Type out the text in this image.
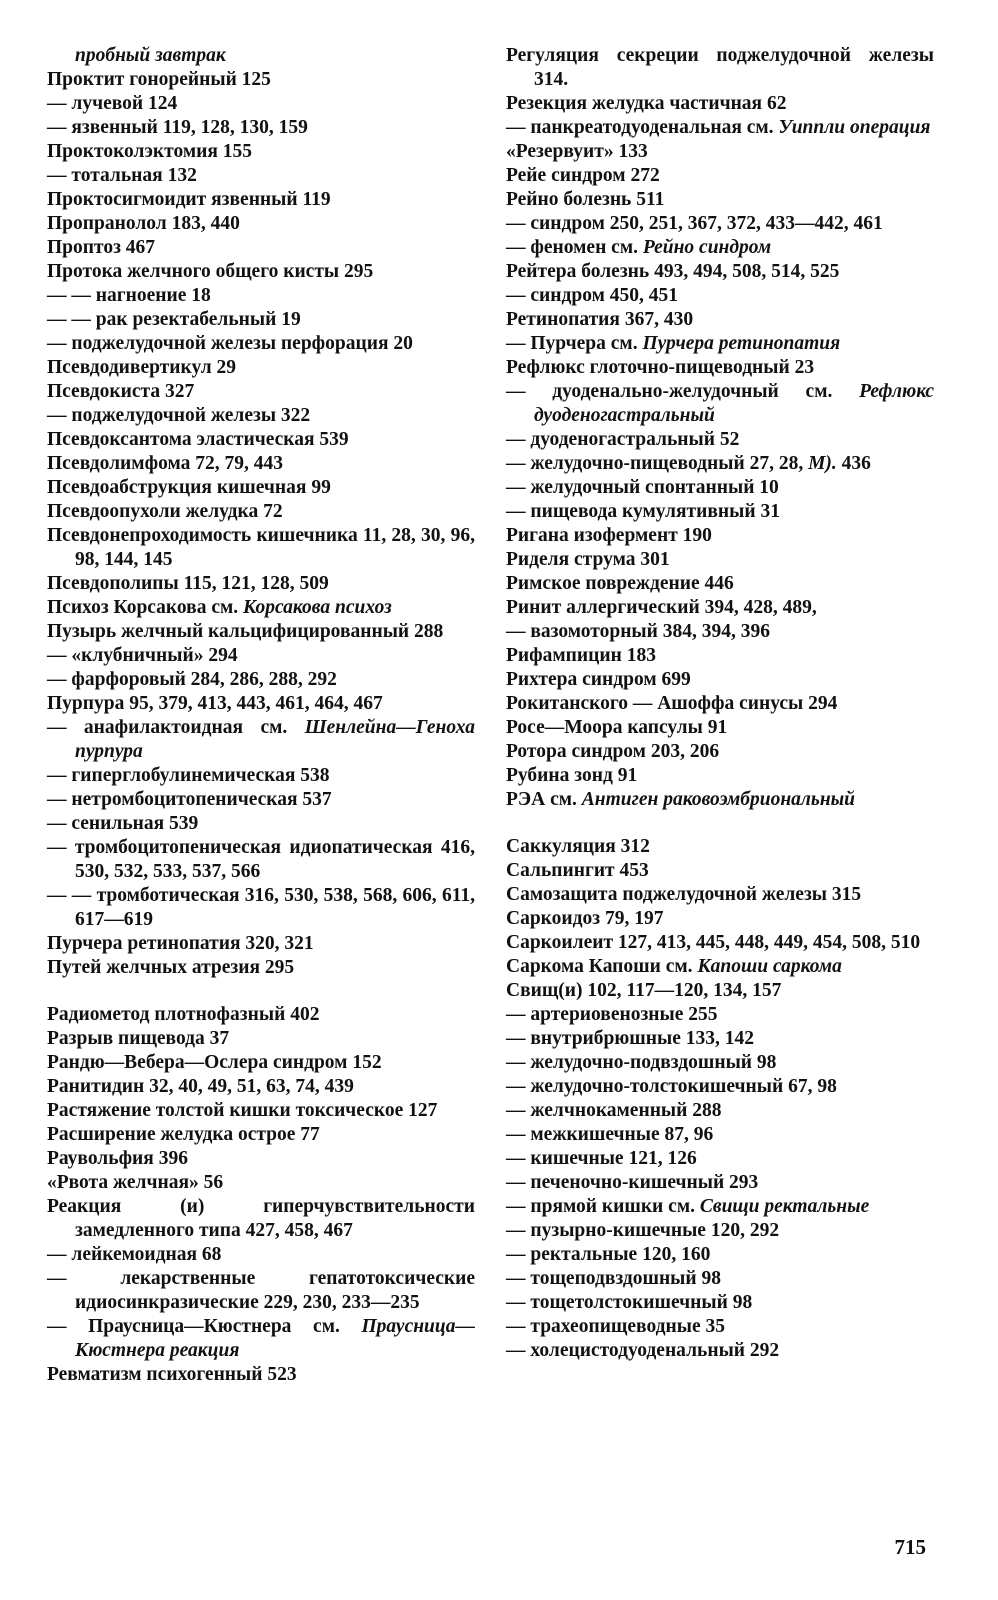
пробный завтрак

Проктит гонорейный 125

— лучевой 124

— язвенный 119, 128, 130, 159

Проктоколэктомия 155

— тотальная 132

Проктосигмоидит язвенный 119

Пропранолол 183, 440

Проптоз 467

Протока желчного общего кисты 295

— — нагноение 18

— — рак резектабельный 19

— поджелудочной железы перфорация 20

Псевдодивертикул 29

Псевдокиста 327

— поджелудочной железы 322

Псевдоксантома эластическая 539

Псевдолимфома 72, 79, 443

Псевдоабструкция кишечная 99

Псевдоопухоли желудка 72

Псевдонепроходимость кишечника 11, 28, 30, 96, 98, 144, 145

Псевдополипы 115, 121, 128, 509

Психоз Корсакова см. Корсакова психоз

Пузырь желчный кальцифицированный 288

— «клубничный» 294

— фарфоровый 284, 286, 288, 292

Пурпура 95, 379, 413, 443, 461, 464, 467

— анафилактоидная см. Шенлейна—Геноха пурпура

— гиперглобулинемическая 538

— нетромбоцитопеническая 537

— сенильная 539

— тромбоцитопеническая идиопатическая 416, 530, 532, 533, 537, 566

— — тромботическая 316, 530, 538, 568, 606, 611, 617—619

Пурчера ретинопатия 320, 321

Путей желчных атрезия 295

Радиометод плотнофазный 402

Разрыв пищевода 37

Рандю—Вебера—Ослера синдром 152

Ранитидин 32, 40, 49, 51, 63, 74, 439

Растяжение толстой кишки токсическое 127

Расширение желудка острое 77

Раувольфия 396

«Рвота желчная» 56

Реакция (и) гиперчувствительности замедленного типа 427, 458, 467

— лейкемоидная 68

— лекарственные гепатотоксические идиосинкразические 229, 230, 233—235

— Праусница—Кюстнера см. Праусница—Кюстнера реакция

Ревматизм психогенный 523

Регуляция секреции поджелудочной железы 314.

Резекция желудка частичная 62

— панкреатодуоденальная см. Уиппли операция

«Резервуит» 133

Рейе синдром 272

Рейно болезнь 511

— синдром 250, 251, 367, 372, 433—442, 461

— феномен см. Рейно синдром

Рейтера болезнь 493, 494, 508, 514, 525

— синдром 450, 451

Ретинопатия 367, 430

— Пурчера см. Пурчера ретинопатия

Рефлюкс глоточно-пищеводный 23

— дуоденально-желудочный см. Рефлюкс дуоденогастральный

— дуоденогастральный 52

— желудочно-пищеводный 27, 28, M). 436

— желудочный спонтанный 10

— пищевода кумулятивный 31

Ригана изофермент 190

Риделя струма 301

Римское повреждение 446

Ринит аллергический 394, 428, 489,

— вазомоторный 384, 394, 396

Рифампицин 183

Рихтера синдром 699

Рокитанского — Ашоффа синусы 294

Росе—Моора капсулы 91

Ротора синдром 203, 206

Рубина зонд 91

РЭА см. Антиген раковоэмбриональный

Саккуляция 312

Сальпингит 453

Самозащита поджелудочной железы 315

Саркоидоз 79, 197

Саркоилеит 127, 413, 445, 448, 449, 454, 508, 510

Саркома Капоши см. Капоши саркома

Свищ(и) 102, 117—120, 134, 157

— артериовенозные 255

— внутрибрюшные 133, 142

— желудочно-подвздошный 98

— желудочно-толстокишечный 67, 98

— желчнокаменный 288

— межкишечные 87, 96

— кишечные 121, 126

— печеночно-кишечный 293

— прямой кишки см. Свищи ректальные

— пузырно-кишечные 120, 292

— ректальные 120, 160

— тощеподвздошный 98

— тощетолстокишечный 98

— трахеопищеводные 35

— холецистодуоденальный 292

715
